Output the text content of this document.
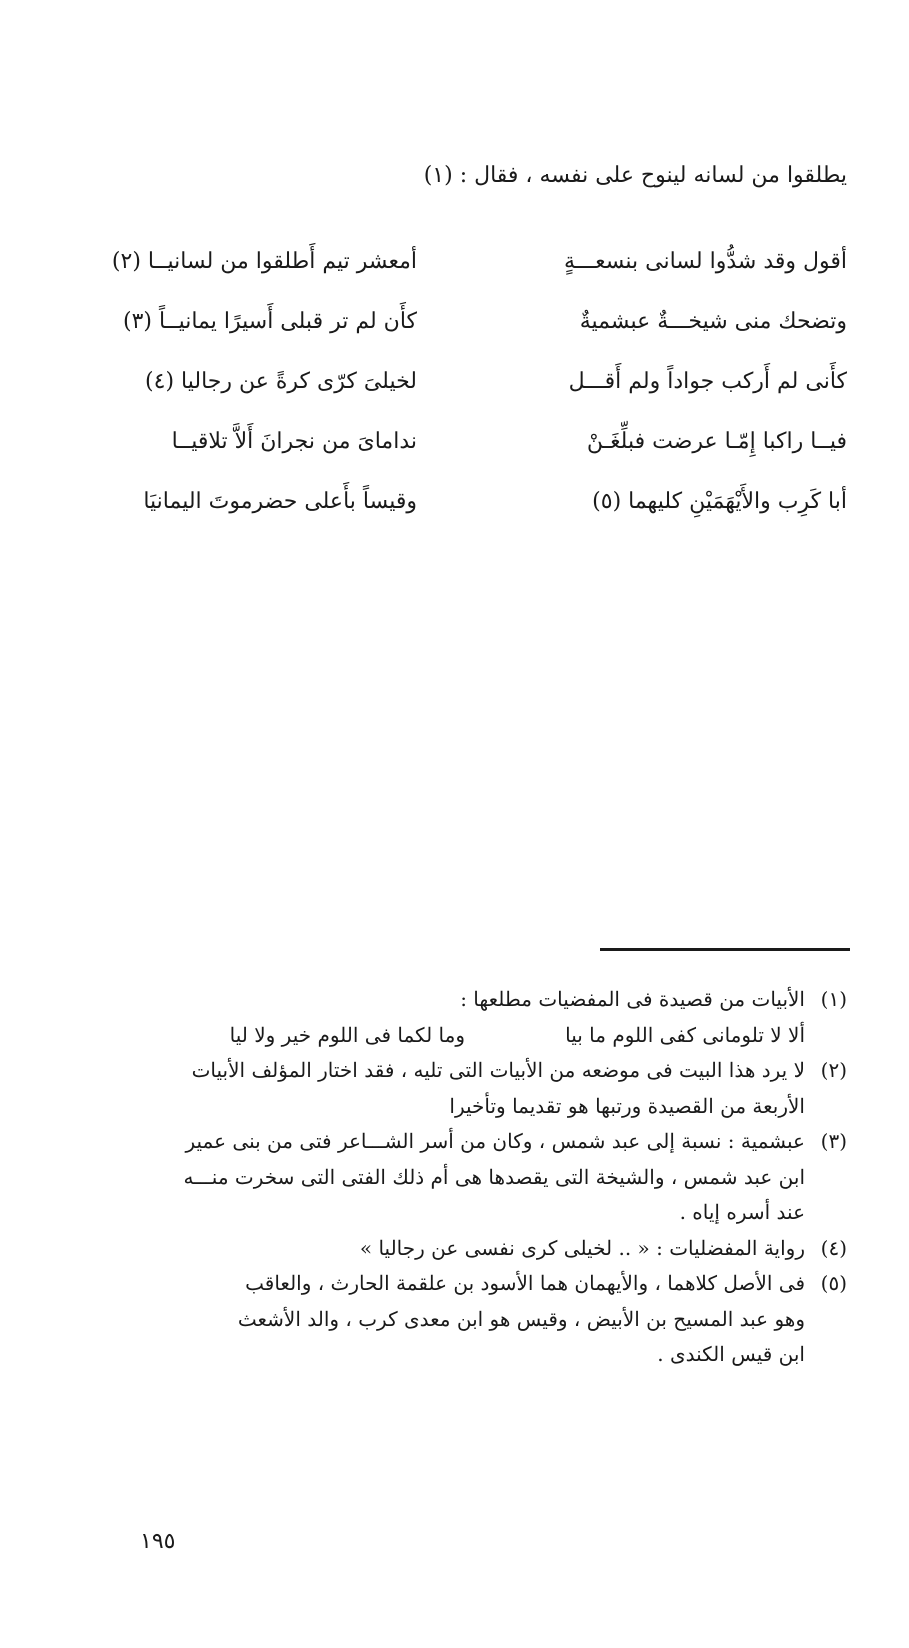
يطلقوا من لسانه لينوح على نفسه ، فقال : (١)
أقول وقد شدُّوا لسانى بنسعـــةٍ
أمعشر تيم أَطلقوا من لسانيــا (٢)
وتضحك منى شيخـــةٌ عبشميةٌ
كأَن لم تر قبلى أَسيرًا يمانيــاً (٣)
كأَنى لم أَركب جواداً ولم أَقـــل
لخيلىَ كرّى كرةً عن رجاليا (٤)
فيــا راكبا إِمّـا عرضت فبلِّغَـنْ
ندامایَ من نجرانَ أَلاَّ تلاقيــا
أبا كَرِب والأَيْهَمَيْنِ كليهما (٥)
وقيساً بأَعلى حضرموتَ اليمانيَا
(١)
الأبيات من قصيدة فى المفضيات مطلعها :
ألا لا تلومانى كفى اللوم ما بيا
وما لكما فى اللوم خير ولا ليا
(٢)
لا يرد هذا البيت فى موضعه من الأبيات التى تليه ، فقد اختار المؤلف الأبيات
الأربعة من القصيدة ورتبها هو تقديما وتأخيرا
(٣)
عبشمية : نسبة إلى عبد شمس ، وكان من أسر الشـــاعر فتى من بنى عمير
ابن عبد شمس ، والشيخة التى يقصدها هى أم ذلك الفتى التى سخرت منـــه
عند أسره إياه .
(٤)
رواية المفضليات : « .. لخيلى كرى نفسى عن رجاليا »
(٥)
فى الأصل كلاهما ، والأيهمان هما الأسود بن علقمة الحارث ، والعاقب
وهو عبد المسيح بن الأبيض ، وقيس هو ابن معدى كرب ، والد الأشعث
ابن قيس الكندى .
١٩٥
